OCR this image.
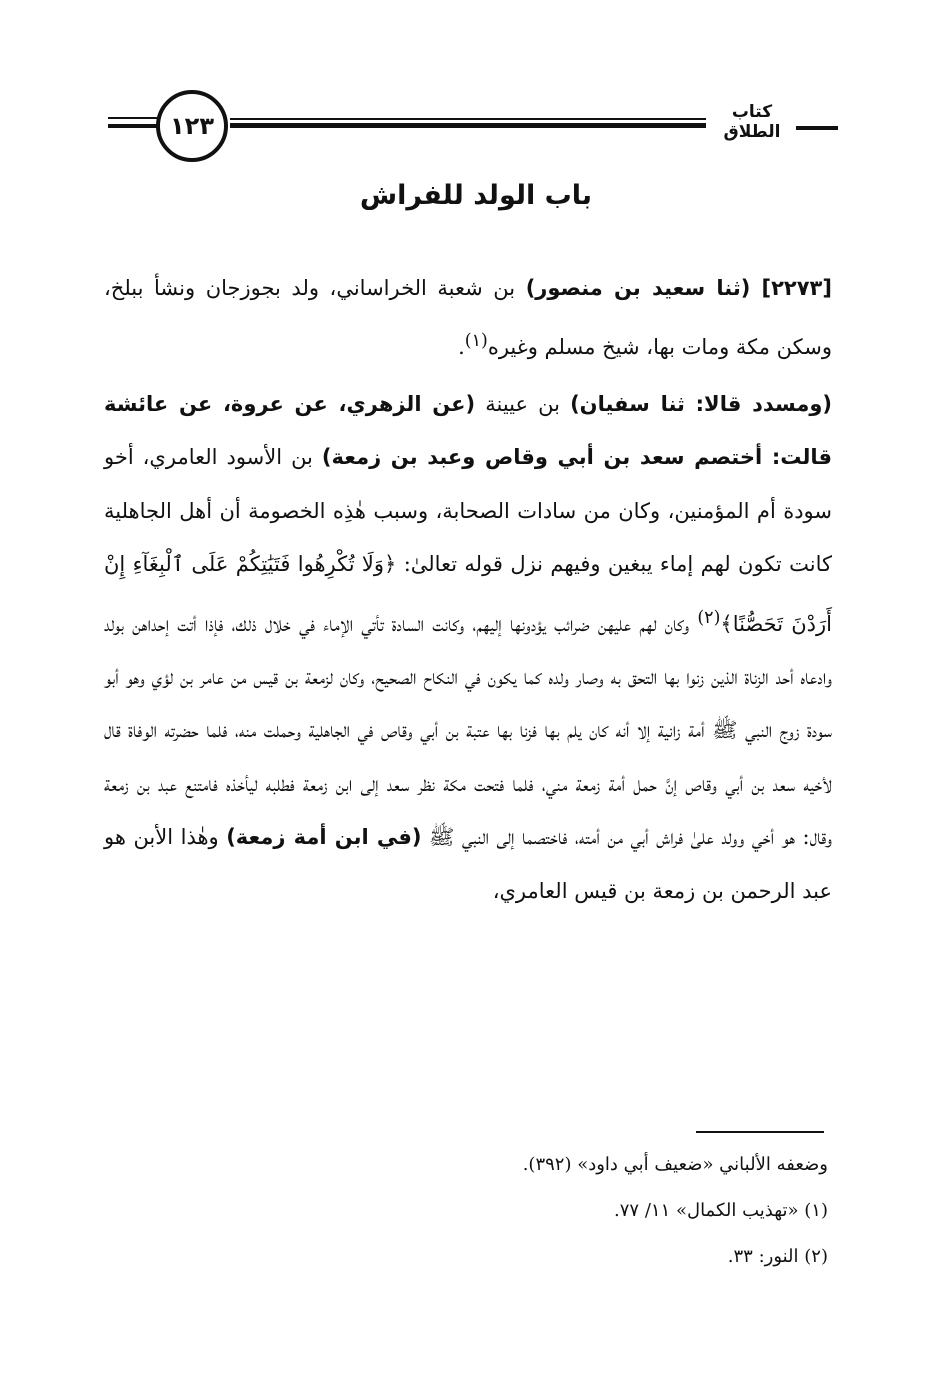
١٢٣	كتاب الطلاق
باب الولد للفراش
[٢٢٧٣] (ثنا سعيد بن منصور) بن شعبة الخراساني، ولد بجوزجان ونشأ ببلخ، وسكن مكة ومات بها، شيخ مسلم وغيره$^{(١)}$.
(ومسدد قالا: ثنا سفيان) بن عيينة (عن الزهري، عن عروة، عن عائشة قالت: أختصم سعد بن أبي وقاص وعبد بن زمعة) بن الأسود العامري، أخو سودة أم المؤمنين، وكان من سادات الصحابة، وسبب هٰذِه الخصومة أن أهل الجاهلية كانت تكون لهم إماء يبغين وفيهم نزل قوله تعالىٰ: ﴿وَلَا تُكْرِهُوا فَتَيَٰتِكُمْ عَلَى ٱلْبِغَآءِ إِنْ أَرَدْنَ تَحَصُّنًا﴾$^{(٢)}$ وكان لهم عليهن ضرائب يؤدونها إليهم، وكانت السادة تأتي الإماء في خلال ذلك، فإذا أتت إحداهن بولد وادعاه أحد الزناة الذين زنوا بها التحق به وصار ولده كما يكون في النكاح الصحيح، وكان لزمعة بن قيس من عامر بن لؤي وهو أبو سودة زوج النبي ﷺ أمة زانية إلا أنه كان يلم بها فزنا بها عتبة بن أبي وقاص في الجاهلية وحملت منه، فلما حضرته الوفاة قال لأخيه سعد بن أبي وقاص إنَّ حمل أمة زمعة مني، فلما فتحت مكة نظر سعد إلى ابن زمعة فطلبه ليأخذه فامتنع عبد بن زمعة وقال: هو أخي وولد علىٰ فراش أبي من أمته، فاختصما إلى النبي ﷺ (في ابن أمة زمعة) وهٰذا الأبن هو عبد الرحمن بن زمعة بن قيس العامري،
وضعفه الألباني «ضعيف أبي داود» (٣٩٢).
(١) «تهذيب الكمال» ١١/ ٧٧.
(٢) النور: ٣٣.
